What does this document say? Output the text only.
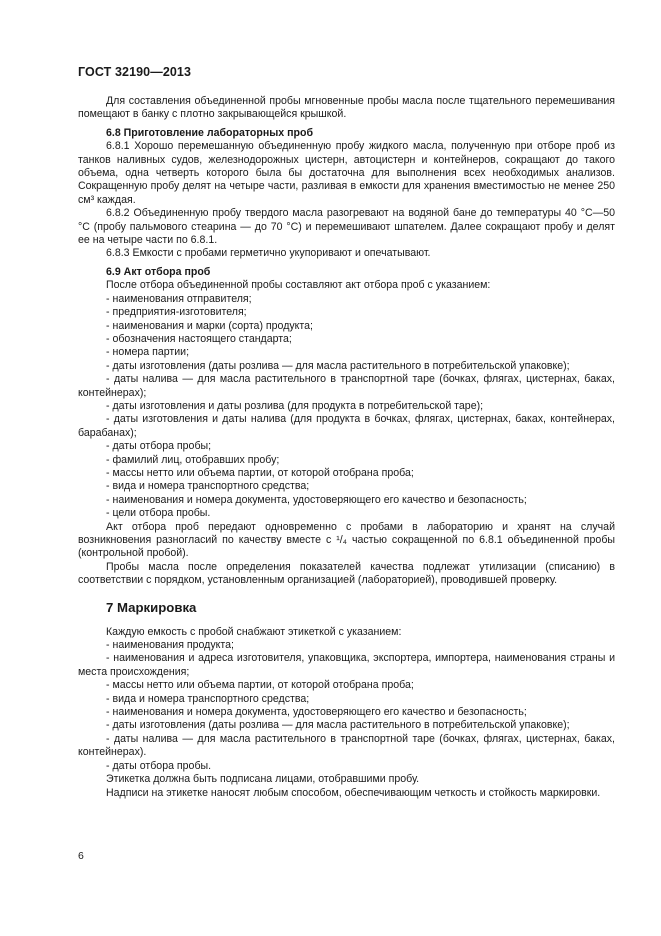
ГОСТ 32190—2013

Для составления объединенной пробы мгновенные пробы масла после тщательного перемешивания помещают в банку с плотно закрывающейся крышкой.

6.8 Приготовление лабораторных проб

6.8.1 Хорошо перемешанную объединенную пробу жидкого масла, полученную при отборе проб из танков наливных судов, железнодорожных цистерн, автоцистерн и контейнеров, сокращают до такого объема, одна четверть которого была бы достаточна для выполнения всех необходимых анализов. Сокращенную пробу делят на четыре части, разливая в емкости для хранения вместимостью не менее 250 см³ каждая.

6.8.2 Объединенную пробу твердого масла разогревают на водяной бане до температуры 40 °С—50 °С (пробу пальмового стеарина — до 70 °С) и перемешивают шпателем. Далее сокращают пробу и делят ее на четыре части по 6.8.1.

6.8.3 Емкости с пробами герметично укупоривают и опечатывают.

6.9 Акт отбора проб

После отбора объединенной пробы составляют акт отбора проб с указанием:

- наименования отправителя;

- предприятия-изготовителя;

- наименования и марки (сорта) продукта;

- обозначения настоящего стандарта;

- номера партии;

- даты изготовления (даты розлива — для масла растительного в потребительской упаковке);

- даты налива — для масла растительного в транспортной таре (бочках, флягах, цистернах, баках, контейнерах);

- даты изготовления и даты розлива (для продукта в потребительской таре);

- даты изготовления и даты налива (для продукта в бочках, флягах, цистернах, баках, контейнерах, барабанах);

- даты отбора пробы;

- фамилий лиц, отобравших пробу;

- массы нетто или объема партии, от которой отобрана проба;

- вида и номера транспортного средства;

- наименования и номера документа, удостоверяющего его качество и безопасность;

- цели отбора пробы.

Акт отбора проб передают одновременно с пробами в лабораторию и хранят на случай возникновения разногласий по качеству вместе с ¹/₄ частью сокращенной по 6.8.1 объединенной пробы (контрольной пробой).

Пробы масла после определения показателей качества подлежат утилизации (списанию) в соответствии с порядком, установленным организацией (лабораторией), проводившей проверку.

7 Маркировка

Каждую емкость с пробой снабжают этикеткой с указанием:

- наименования продукта;

- наименования и адреса изготовителя, упаковщика, экспортера, импортера, наименования страны и места происхождения;

- массы нетто или объема партии, от которой отобрана проба;

- вида и номера транспортного средства;

- наименования и номера документа, удостоверяющего его качество и безопасность;

- даты изготовления (даты розлива — для масла растительного в потребительской упаковке);

- даты налива — для масла растительного в транспортной таре (бочках, флягах, цистернах, баках, контейнерах).

- даты отбора пробы.

Этикетка должна быть подписана лицами, отобравшими пробу.

Надписи на этикетке наносят любым способом, обеспечивающим четкость и стойкость маркировки.

6
